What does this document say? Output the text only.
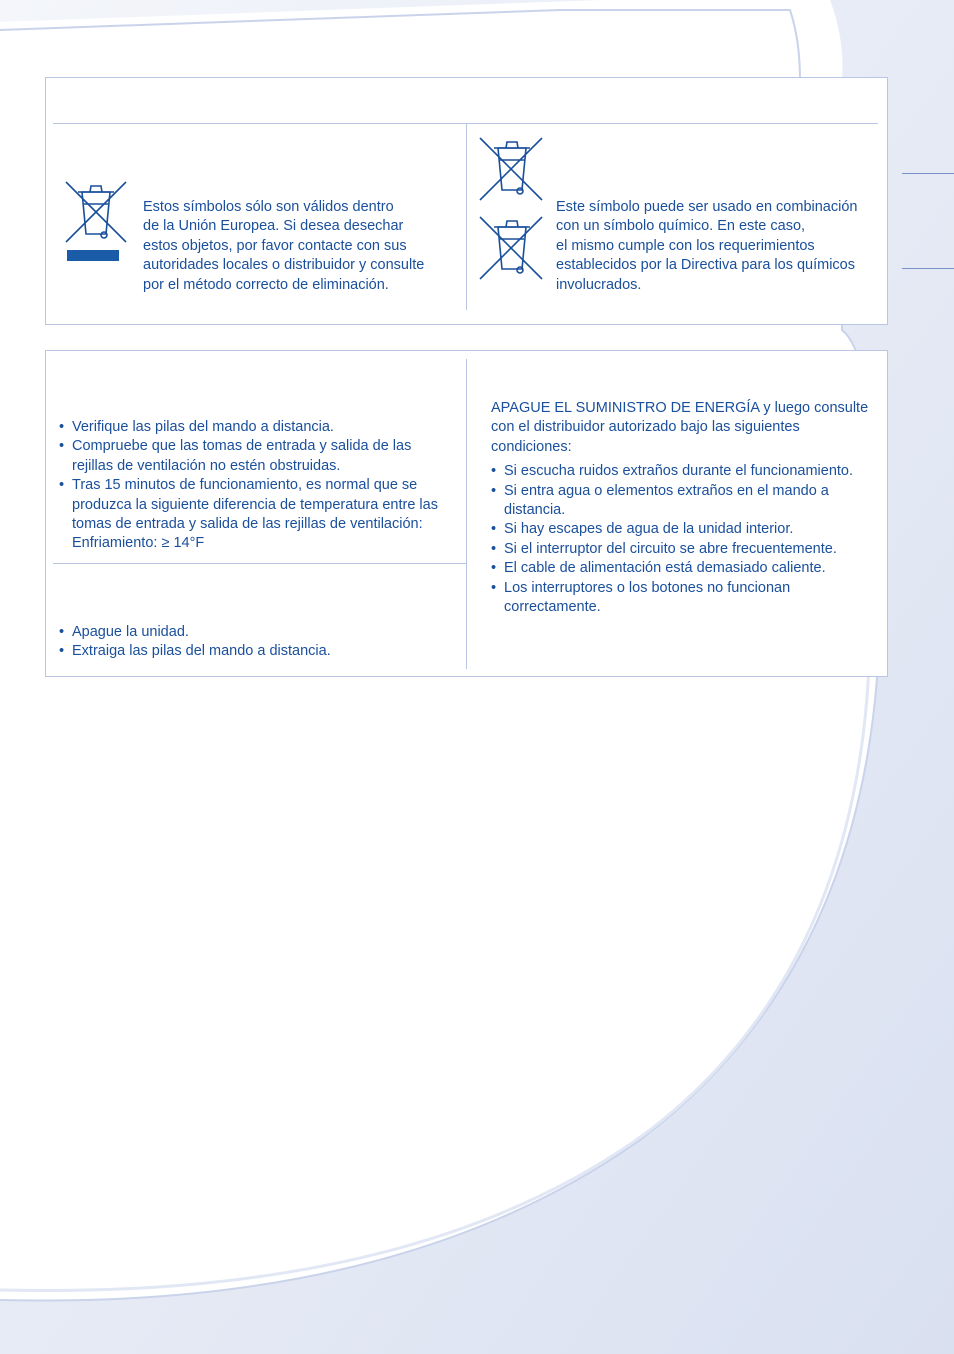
Estos símbolos sólo son válidos dentro

de la Unión Europea. Si desea desechar

estos objetos, por favor contacte con sus

autoridades locales o distribuidor y consulte

por el método correcto de eliminación.

Este símbolo puede ser usado en combinación

con un símbolo químico. En este caso,

el mismo cumple con los requerimientos

establecidos por la Directiva para los químicos

involucrados.

• Verifique las pilas del mando a distancia.
• Compruebe que las tomas de entrada y salida de las rejillas de ventilación no estén obstruidas.
• Tras 15 minutos de funcionamiento, es normal que se produzca la siguiente diferencia de temperatura entre las tomas de entrada y salida de las rejillas de ventilación: Enfriamiento: ≥ 14°F
• Apague la unidad.
• Extraiga las pilas del mando a distancia.

APAGUE EL SUMINISTRO DE ENERGÍA y luego consulte con el distribuidor autorizado bajo las siguientes condiciones:

• Si escucha ruidos extraños durante el funcionamiento.
• Si entra agua o elementos extraños en el mando a distancia.
• Si hay escapes de agua de la unidad interior.
• Si el interruptor del circuito se abre frecuentemente.
• El cable de alimentación está demasiado caliente.
• Los interruptores o los botones no funcionan correctamente.
